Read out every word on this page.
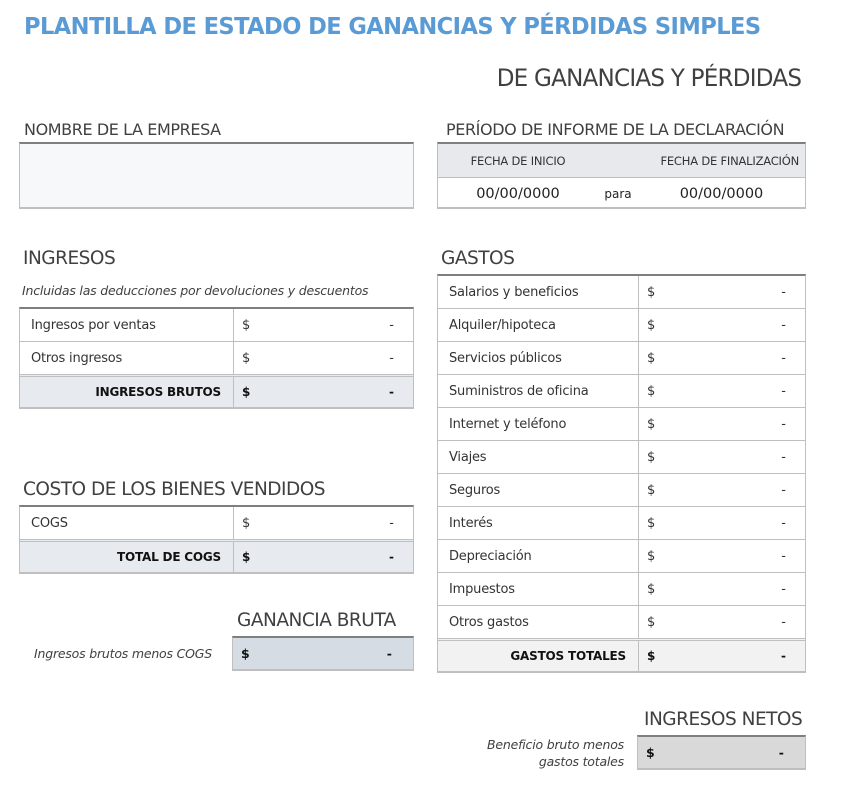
PLANTILLA DE ESTADO DE GANANCIAS Y PÉRDIDAS SIMPLES
DE GANANCIAS Y PÉRDIDAS
NOMBRE DE LA EMPRESA	PERÍODO DE INFORME DE LA DECLARACIÓN
FECHA DE INICIO	FECHA DE FINALIZACIÓN
00/00/0000	para	00/00/0000
INGRESOS
Incluidas las deducciones por devoluciones y descuentos
Ingresos por ventas	$	-
Otros ingresos	$	-
INGRESOS BRUTOS	$	-
COSTO DE LOS BIENES VENDIDOS
COGS	$	-
TOTAL DE COGS	$	-
GANANCIA BRUTA
Ingresos brutos menos COGS	$	-
GASTOS
Salarios y beneficios	$	-
Alquiler/hipoteca	$	-
Servicios públicos	$	-
Suministros de oficina	$	-
Internet y teléfono	$	-
Viajes	$	-
Seguros	$	-
Interés	$	-
Depreciación	$	-
Impuestos	$	-
Otros gastos	$	-
GASTOS TOTALES	$	-
INGRESOS NETOS
Beneficio bruto menos
gastos totales
$	-
